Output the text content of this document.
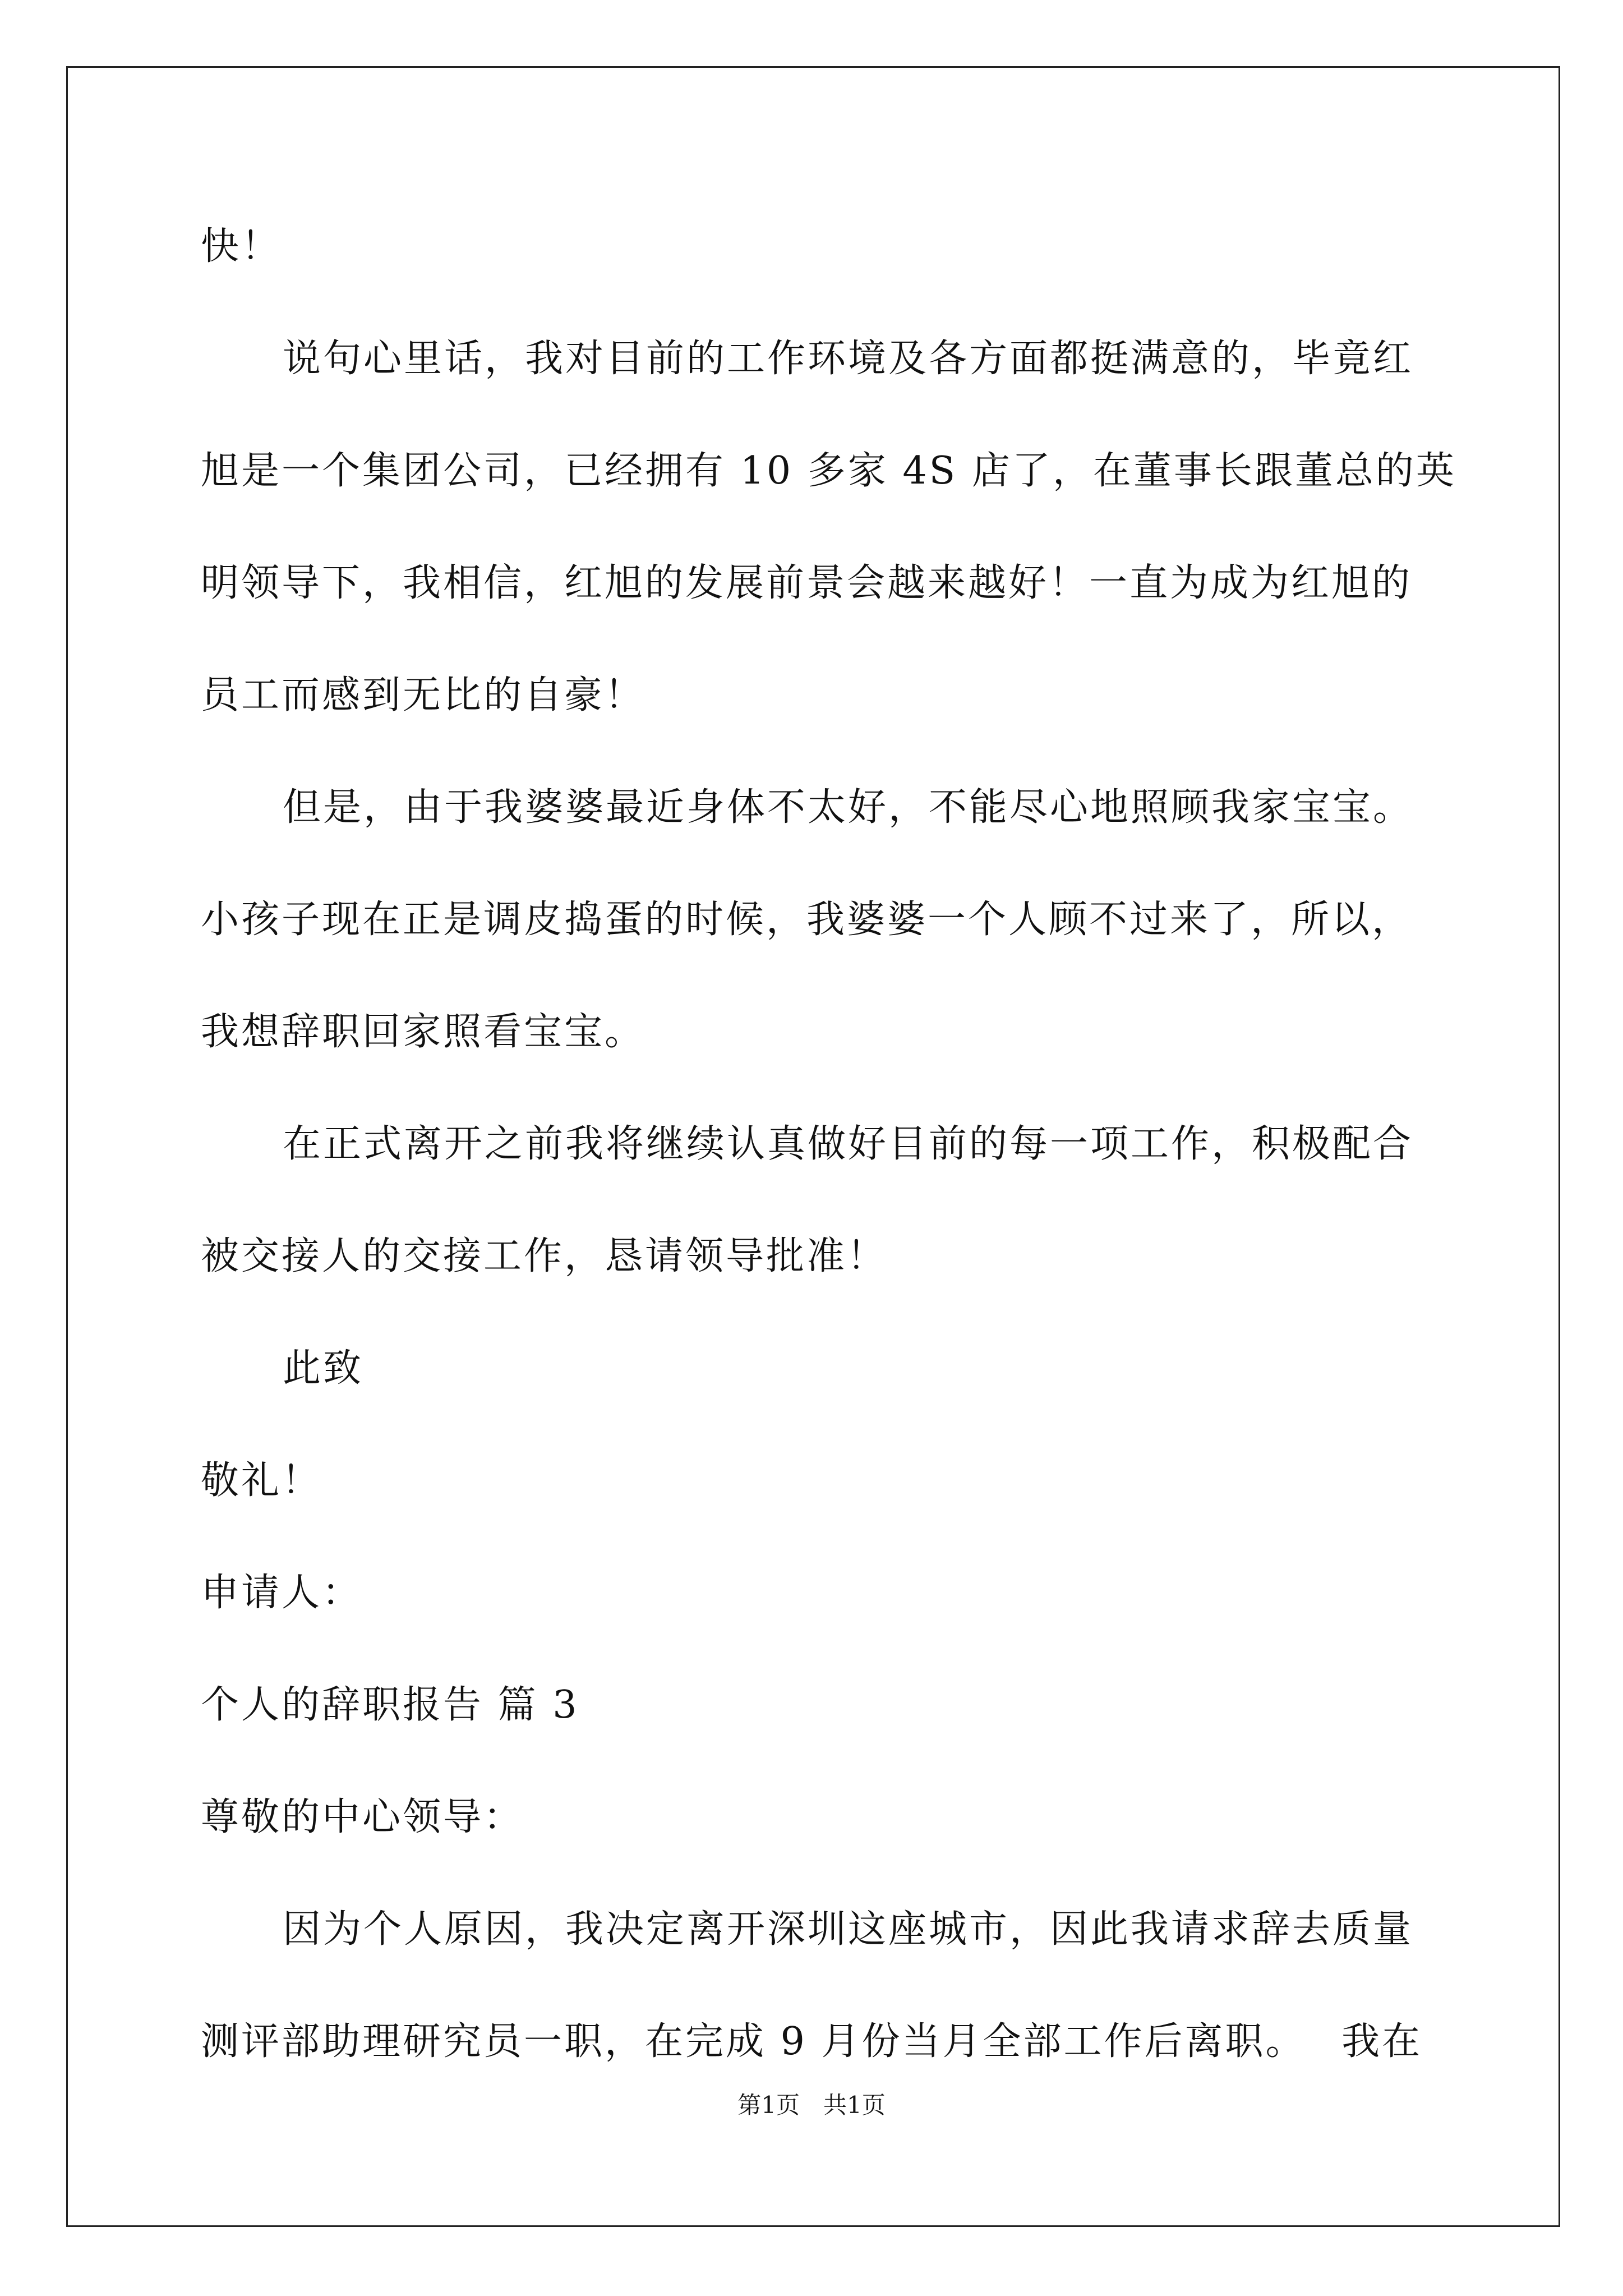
快！
说句心里话，我对目前的工作环境及各方面都挺满意的，毕竟红
旭是一个集团公司，已经拥有 10 多家 4S 店了，在董事长跟董总的英
明领导下，我相信，红旭的发展前景会越来越好！一直为成为红旭的
员工而感到无比的自豪！
但是，由于我婆婆最近身体不太好，不能尽心地照顾我家宝宝。
小孩子现在正是调皮捣蛋的时候，我婆婆一个人顾不过来了，所以，
我想辞职回家照看宝宝。
在正式离开之前我将继续认真做好目前的每一项工作，积极配合
被交接人的交接工作，恳请领导批准！
此致
敬礼！
申请人：
个人的辞职报告 篇 3
尊敬的中心领导：
因为个人原因，我决定离开深圳这座城市，因此我请求辞去质量
测评部助理研究员一职，在完成 9 月份当月全部工作后离职。　 我在
第1页　共1页
